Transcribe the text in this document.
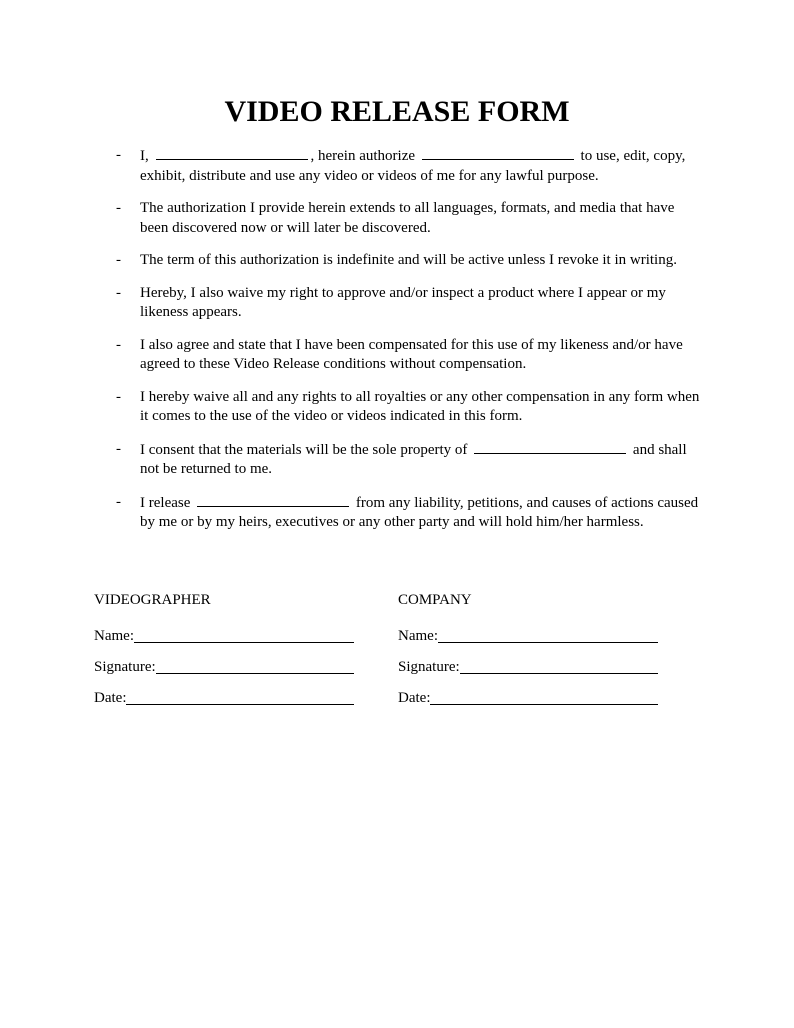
VIDEO RELEASE FORM
- I,	, herein authorize	to use, edit, copy, exhibit, distribute and use any video or videos of me for any lawful purpose.
- The authorization I provide herein extends to all languages, formats, and media that have been discovered now or will later be discovered.
- The term of this authorization is indefinite and will be active unless I revoke it in writing.
- Hereby, I also waive my right to approve and/or inspect a product where I appear or my likeness appears.
- I also agree and state that I have been compensated for this use of my likeness and/or have agreed to these Video Release conditions without compensation.
- I hereby waive all and any rights to all royalties or any other compensation in any form when it comes to the use of the video or videos indicated in this form.
- I consent that the materials will be the sole property of	and shall not be returned to me.
- I release	from any liability, petitions, and causes of actions caused by me or by my heirs, executives or any other party and will hold him/her harmless.
VIDEOGRAPHER
Name:
Signature:
Date:
COMPANY
Name:
Signature:
Date:
